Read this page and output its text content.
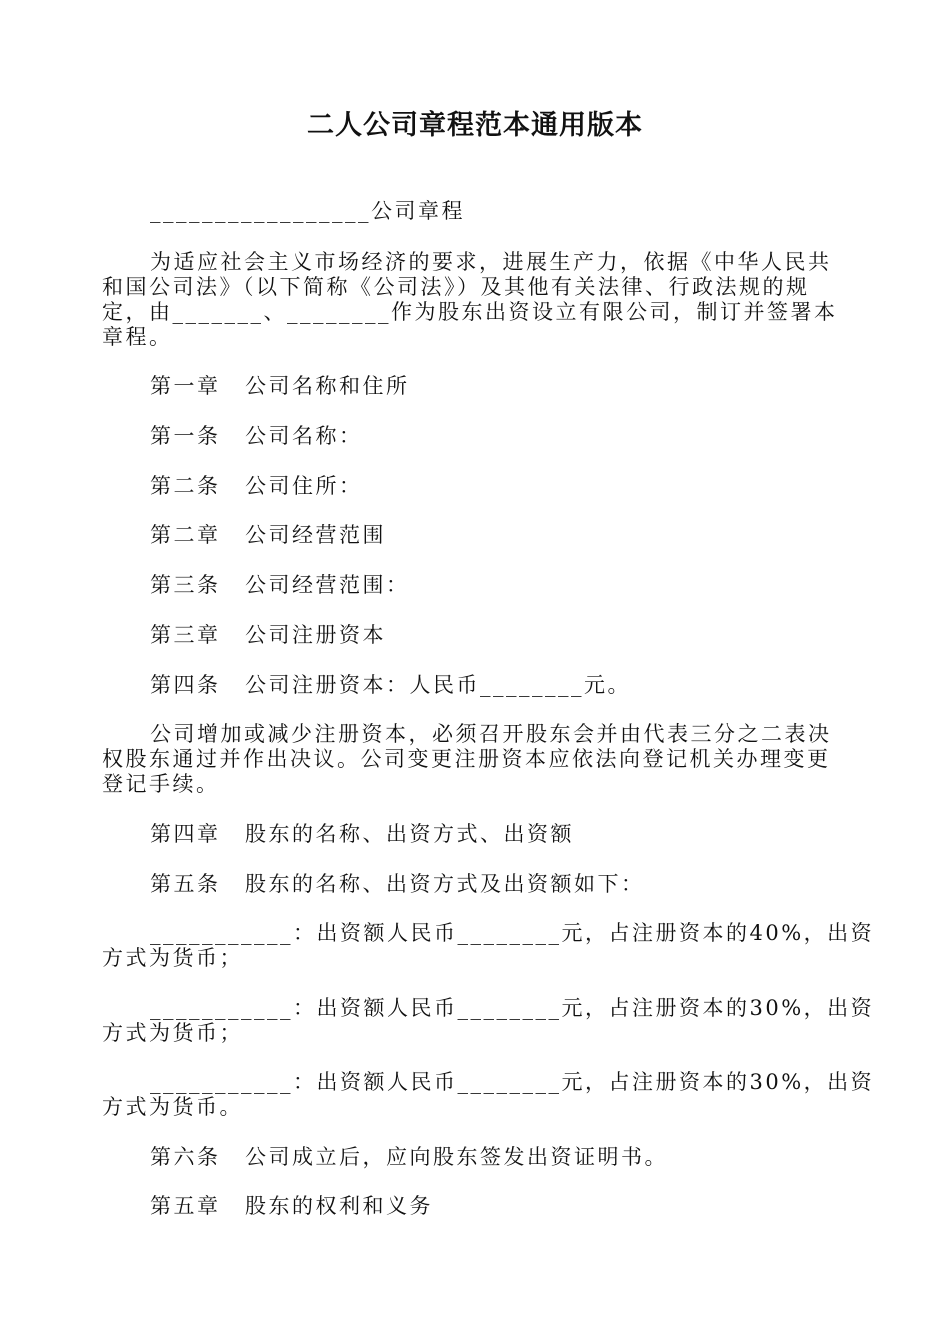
二人公司章程范本通用版本
_________________公司章程
为适应社会主义市场经济的要求，进展生产力，依据《中华人民共
和国公司法》（以下简称《公司法》）及其他有关法律、行政法规的规
定，由_______、________作为股东出资设立有限公司，制订并签署本
章程。
第一章 公司名称和住所
第一条 公司名称：
第二条 公司住所：
第二章 公司经营范围
第三条 公司经营范围：
第三章 公司注册资本
第四条 公司注册资本：人民币________元。
公司增加或减少注册资本，必须召开股东会并由代表三分之二表决
权股东通过并作出决议。公司变更注册资本应依法向登记机关办理变更
登记手续。
第四章 股东的名称、出资方式、出资额
第五条 股东的名称、出资方式及出资额如下：
___________：出资额人民币________元，占注册资本的40%，出资
方式为货币；
___________：出资额人民币________元，占注册资本的30%，出资
方式为货币；
___________：出资额人民币________元，占注册资本的30%，出资
方式为货币。
第六条 公司成立后，应向股东签发出资证明书。
第五章 股东的权利和义务
